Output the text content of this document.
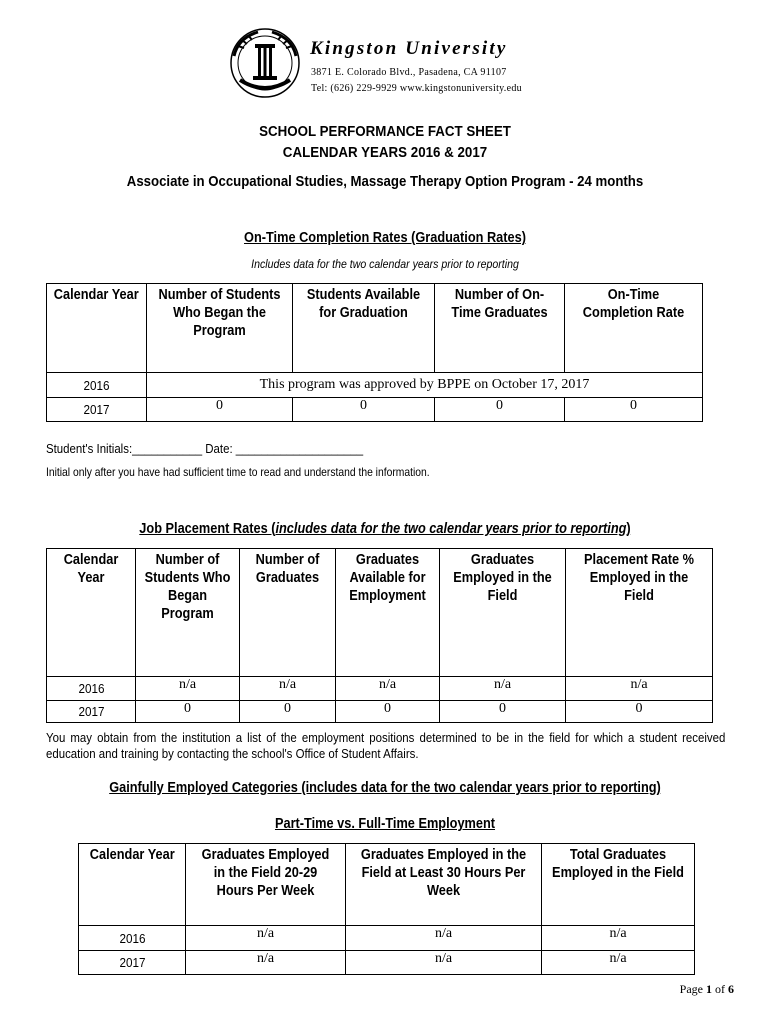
Kingston University
3871 E. Colorado Blvd., Pasadena, CA 91107
Tel: (626) 229-9929 www.kingstonuniversity.edu
SCHOOL PERFORMANCE FACT SHEET
CALENDAR YEARS 2016 & 2017
Associate in Occupational Studies, Massage Therapy Option Program - 24 months
On-Time Completion Rates (Graduation Rates)
Includes data for the two calendar years prior to reporting
Calendar Year	Number of Students Who Began the Program	Students Available for Graduation	Number of On-Time Graduates	On-Time Completion Rate
2016	This program was approved by BPPE on October 17, 2017			
2017	0	0	0	0
Student's Initials:___________ Date: ____________________
Initial only after you have had sufficient time to read and understand the information.
Job Placement Rates (includes data for the two calendar years prior to reporting)
Calendar Year	Number of Students Who Began Program	Number of Graduates	Graduates Available for Employment	Graduates Employed in the Field	Placement Rate % Employed in the Field
2016	n/a	n/a	n/a	n/a	n/a
2017	0	0	0	0	0
You may obtain from the institution a list of the employment positions determined to be in the field for which a student received education and training by contacting the school's Office of Student Affairs.
Gainfully Employed Categories (includes data for the two calendar years prior to reporting)
Part-Time vs. Full-Time Employment
Calendar Year	Graduates Employed in the Field 20-29 Hours Per Week	Graduates Employed in the Field at Least 30 Hours Per Week	Total Graduates Employed in the Field
2016	n/a	n/a	n/a
2017	n/a	n/a	n/a
Page 1 of 6
